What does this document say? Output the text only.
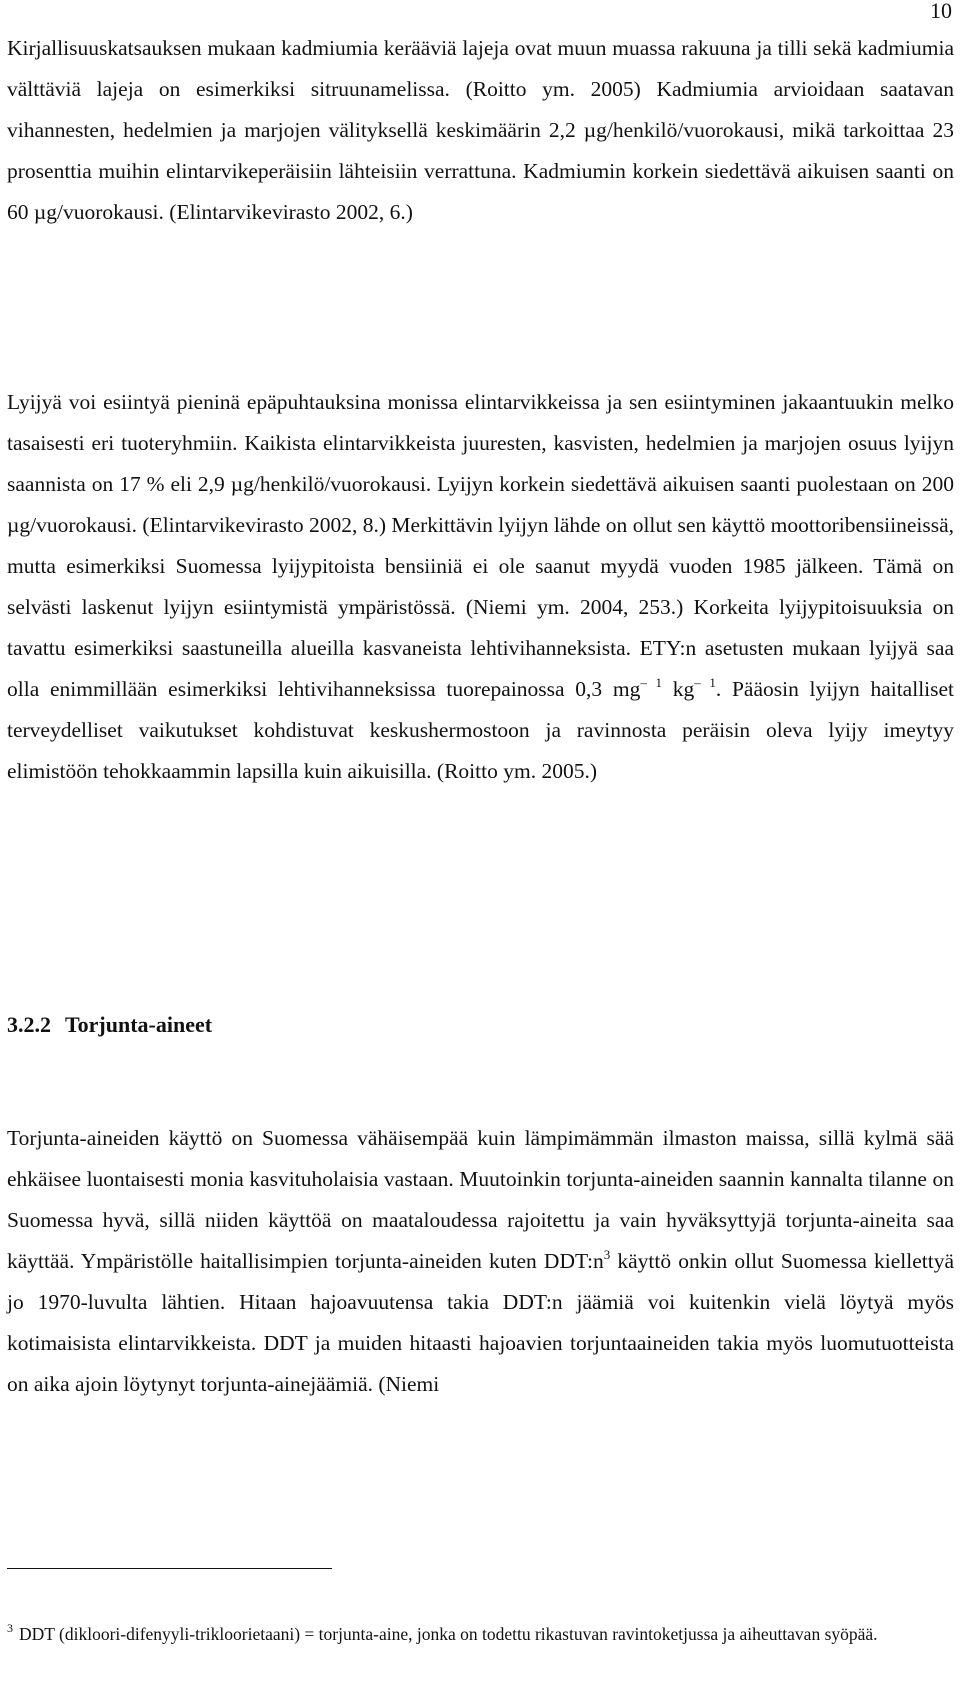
10

Kirjallisuuskatsauksen mukaan kadmiumia kerääviä lajeja ovat muun muassa rakuuna ja tilli sekä kadmiumia välttäviä lajeja on esimerkiksi sitruunamelissa. (Roitto ym. 2005) Kadmiumia arvioidaan saatavan vihannesten, hedelmien ja marjojen välityksellä keskimäärin 2,2 µg/henkilö/vuorokausi, mikä tarkoittaa 23 prosenttia muihin elintarvikeperäisiin lähteisiin verrattuna. Kadmiumin korkein siedettävä aikuisen saanti on 60 µg/vuorokausi. (Elintarvikevirasto 2002, 6.)

Lyijyä voi esiintyä pieninä epäpuhtauksina monissa elintarvikkeissa ja sen esiintyminen jakaantuukin melko tasaisesti eri tuoteryhmiin. Kaikista elintarvikkeista juuresten, kasvisten, hedelmien ja marjojen osuus lyijyn saannista on 17 % eli 2,9 µg/henkilö/vuorokausi. Lyijyn korkein siedettävä aikuisen saanti puolestaan on 200 µg/vuorokausi. (Elintarvikevirasto 2002, 8.) Merkittävin lyijyn lähde on ollut sen käyttö moottoribensiineissä, mutta esimerkiksi Suomessa lyijypitoista bensiiniä ei ole saanut myydä vuoden 1985 jälkeen. Tämä on selvästi laskenut lyijyn esiintymistä ympäristössä. (Niemi ym. 2004, 253.) Korkeita lyijypitoisuuksia on tavattu esimerkiksi saastuneilla alueilla kasvaneista lehtivihanneksista. ETY:n asetusten mukaan lyijyä saa olla enimmillään esimerkiksi lehtivihanneksissa tuorepainossa 0,3 $mg^{- 1}$ $kg^{- 1}$. Pääosin lyijyn haitalliset terveydelliset vaikutukset kohdistuvat keskushermostoon ja ravinnosta peräisin oleva lyijy imeytyy elimistöön tehokkaammin lapsilla kuin aikuisilla. (Roitto ym. 2005.)

3.2.2 Torjunta-aineet

Torjunta-aineiden käyttö on Suomessa vähäisempää kuin lämpimämmän ilmaston maissa, sillä kylmä sää ehkäisee luontaisesti monia kasvituholaisia vastaan. Muutoinkin torjunta-aineiden saannin kannalta tilanne on Suomessa hyvä, sillä niiden käyttöä on maataloudessa rajoitettu ja vain hyväksyttyjä torjunta-aineita saa käyttää. Ympäristölle haitallisimpien torjunta-aineiden kuten $DDT:n^3$ käyttö onkin ollut Suomessa kiellettyä jo 1970-luvulta lähtien. Hitaan hajoavuutensa takia DDT:n jäämiä voi kuitenkin vielä löytyä myös kotimaisista elintarvikkeista. DDT ja muiden hitaasti hajoavien torjuntaaineiden takia myös luomutuotteista on aika ajoin löytynyt torjunta-ainejäämiä. (Niemi

$^3$ DDT (dikloori-difenyyli-trikloorietaani) = torjunta-aine, jonka on todettu rikastuvan ravintoketjussa ja aiheuttavan syöpää.
